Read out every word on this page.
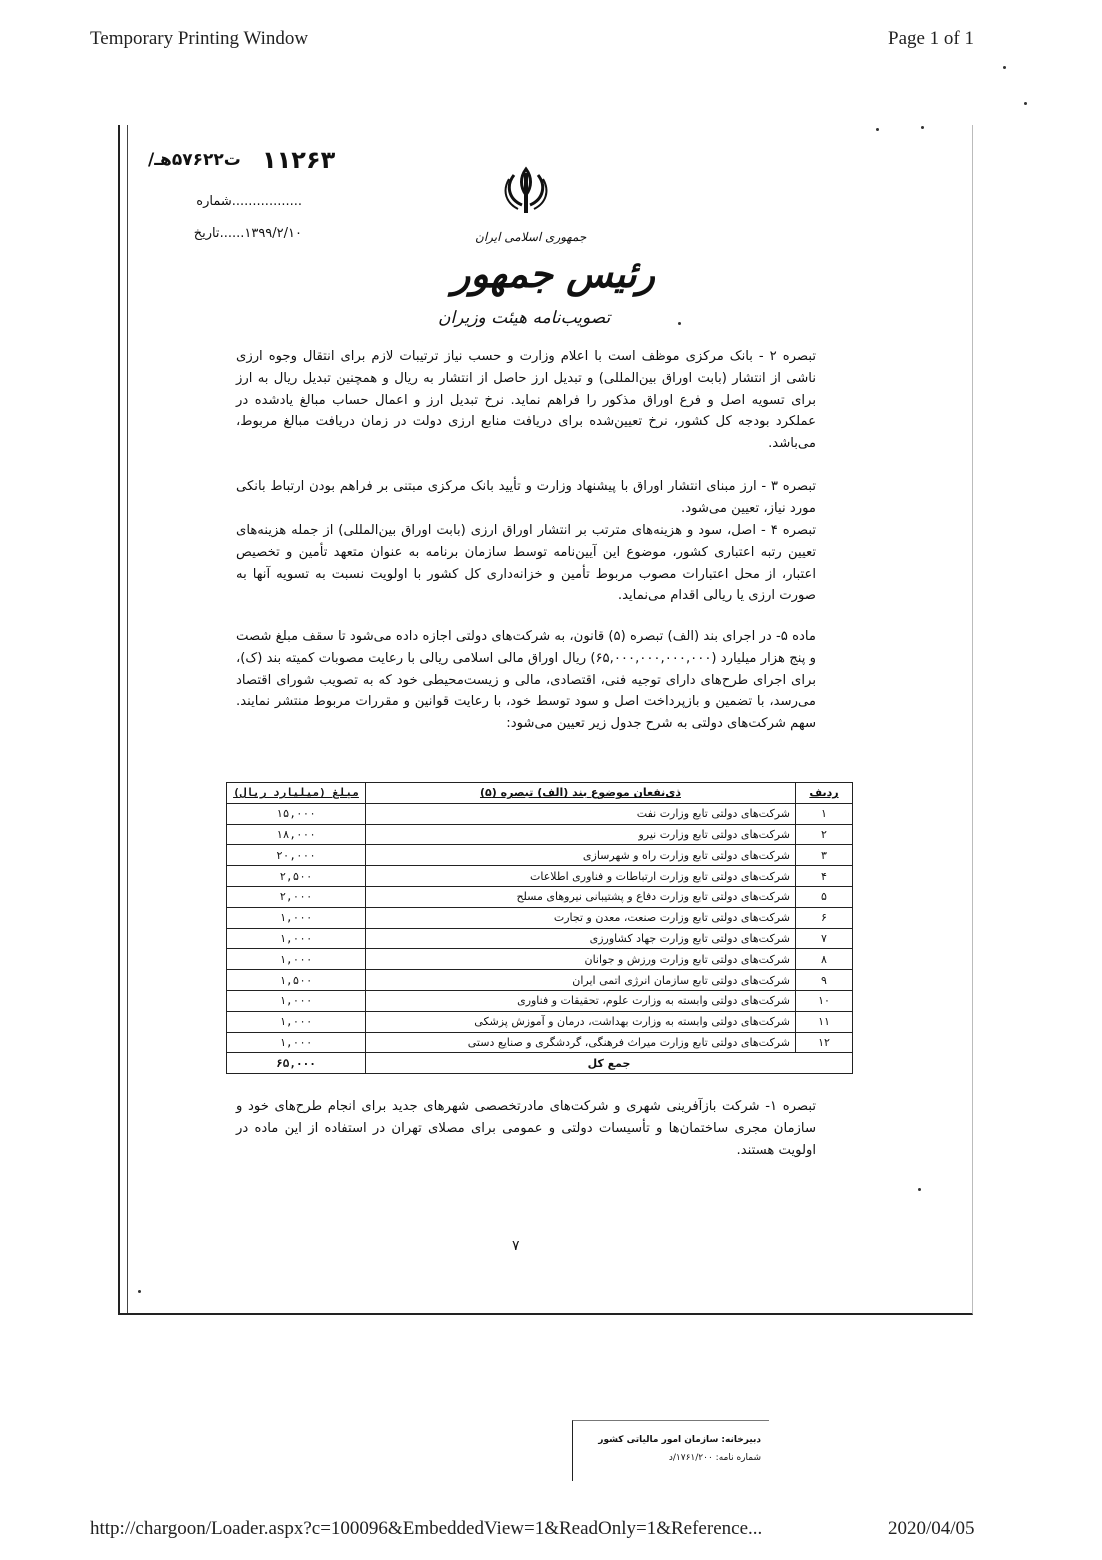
Temporary Printing Window	Page 1 of 1
http://chargoon/Loader.aspx?c=100096&EmbeddedView=1&ReadOnly=1&Reference...	2020/04/05
ت۵۷۶۲۲هـ/ ۱۱۲۶۳
.................شماره
۱۳۹۹/۲/۱۰......تاریخ	جمهوری اسلامی ایران
رئیس جمهور
تصویب‌نامه هیئت وزیران
تبصره ۲ - بانک مرکزی موظف است با اعلام وزارت و حسب نیاز ترتیبات لازم برای انتقال وجوه ارزی ناشی از انتشار (بابت اوراق بین‌المللی) و تبدیل ارز حاصل از انتشار به ریال و همچنین تبدیل ریال به ارز برای تسویه اصل و فرع اوراق مذکور را فراهم نماید. نرخ تبدیل ارز و اعمال حساب مبالغ یادشده در عملکرد بودجه کل کشور، نرخ تعیین‌شده برای دریافت منابع ارزی دولت در زمان دریافت مبالغ مربوط، می‌باشد.
تبصره ۳ - ارز مبنای انتشار اوراق با پیشنهاد وزارت و تأیید بانک مرکزی مبتنی بر فراهم بودن ارتباط بانکی مورد نیاز، تعیین می‌شود.
تبصره ۴ - اصل، سود و هزینه‌های مترتب بر انتشار اوراق ارزی (بابت اوراق بین‌المللی) از جمله هزینه‌های تعیین رتبه اعتباری کشور، موضوع این آیین‌نامه توسط سازمان برنامه به عنوان متعهد تأمین و تخصیص اعتبار، از محل اعتبارات مصوب مربوط تأمین و خزانه‌داری کل کشور با اولویت نسبت به تسویه آنها به صورت ارزی یا ریالی اقدام می‌نماید.
ماده ۵- در اجرای بند (الف) تبصره (۵) قانون، به شرکت‌های دولتی اجازه داده می‌شود تا سقف مبلغ شصت و پنج هزار میلیارد (۶۵,۰۰۰,۰۰۰,۰۰۰,۰۰۰) ریال اوراق مالی اسلامی ریالی با رعایت مصوبات کمیته بند (ک)، برای اجرای طرح‌های دارای توجیه فنی، اقتصادی، مالی و زیست‌محیطی خود که به تصویب شورای اقتصاد می‌رسد، با تضمین و بازپرداخت اصل و سود توسط خود، با رعایت قوانین و مقررات مربوط منتشر نمایند. سهم شرکت‌های دولتی به شرح جدول زیر تعیین می‌شود:
ردیف	ذی‌نفعان موضوع بند (الف) تبصره (۵)	مبلغ (میلیارد ریال)
۱	شرکت‌های دولتی تابع وزارت نفت	۱۵,۰۰۰
۲	شرکت‌های دولتی تابع وزارت نیرو	۱۸,۰۰۰
۳	شرکت‌های دولتی تابع وزارت راه و شهرسازی	۲۰,۰۰۰
۴	شرکت‌های دولتی تابع وزارت ارتباطات و فناوری اطلاعات	۲,۵۰۰
۵	شرکت‌های دولتی تابع وزارت دفاع و پشتیبانی نیروهای مسلح	۲,۰۰۰
۶	شرکت‌های دولتی تابع وزارت صنعت، معدن و تجارت	۱,۰۰۰
۷	شرکت‌های دولتی تابع وزارت جهاد کشاورزی	۱,۰۰۰
۸	شرکت‌های دولتی تابع وزارت ورزش و جوانان	۱,۰۰۰
۹	شرکت‌های دولتی تابع سازمان انرژی اتمی ایران	۱,۵۰۰
۱۰	شرکت‌های دولتی وابسته به وزارت علوم، تحقیقات و فناوری	۱,۰۰۰
۱۱	شرکت‌های دولتی وابسته به وزارت بهداشت، درمان و آموزش پزشکی	۱,۰۰۰
۱۲	شرکت‌های دولتی تابع وزارت میراث فرهنگی، گردشگری و صنایع دستی	۱,۰۰۰
جمع کل		۶۵,۰۰۰
تبصره ۱- شرکت بازآفرینی شهری و شرکت‌های مادرتخصصی شهرهای جدید برای انجام طرح‌های خود و سازمان مجری ساختمان‌ها و تأسیسات دولتی و عمومی برای مصلای تهران در استفاده از این ماده در اولویت هستند.
۷
دبیرخانه: سازمان امور مالیاتی کشور
شماره نامه: ۱۷۶۱/۲۰۰/د
